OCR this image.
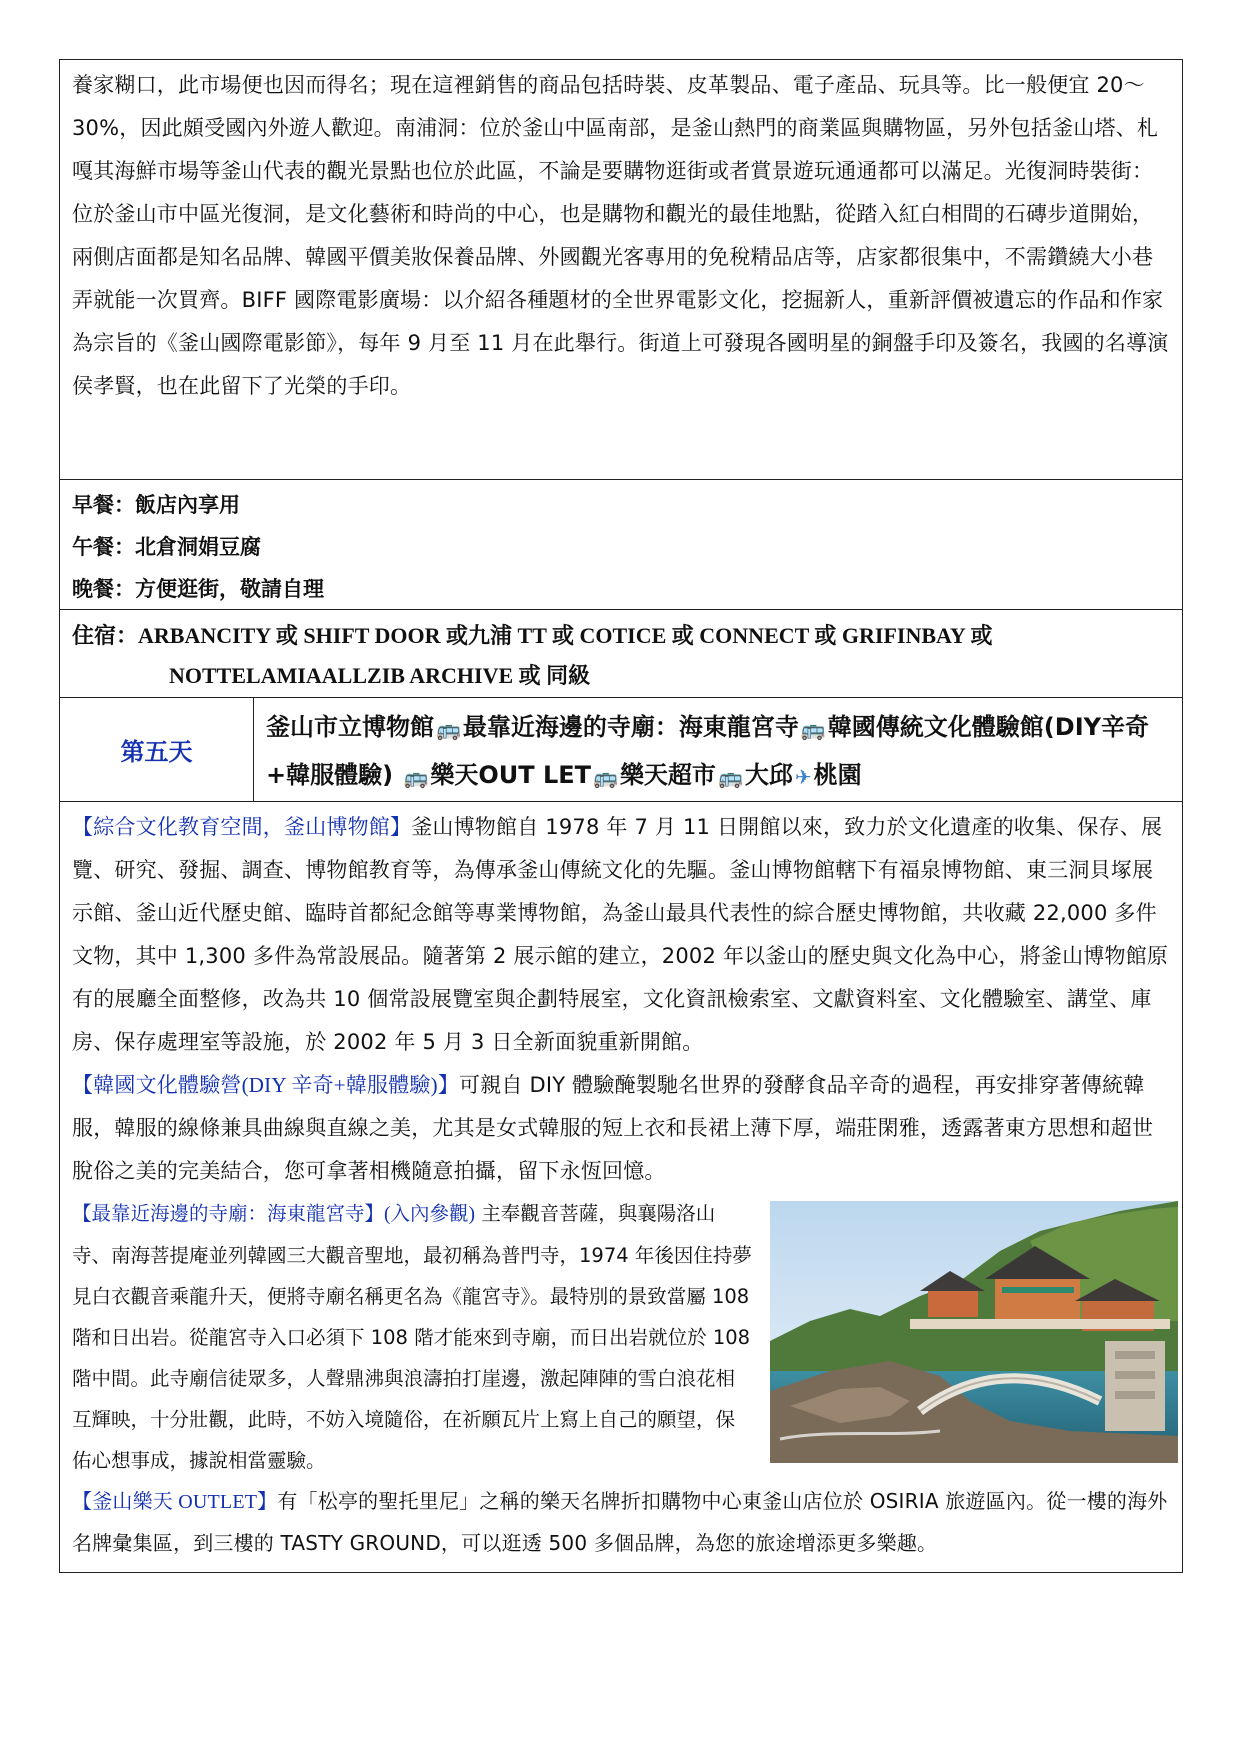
養家糊口，此市場便也因而得名；現在這裡銷售的商品包括時裝、皮革製品、電子產品、玩具等。比一般便宜 20～30%，因此頗受國內外遊人歡迎。南浦洞：位於釜山中區南部，是釜山熱門的商業區與購物區，另外包括釜山塔、札嘎其海鮮市場等釜山代表的觀光景點也位於此區，不論是要購物逛街或者賞景遊玩通通都可以滿足。光復洞時裝街：位於釜山市中區光復洞，是文化藝術和時尚的中心，也是購物和觀光的最佳地點，從踏入紅白相間的石磚步道開始，兩側店面都是知名品牌、韓國平價美妝保養品牌、外國觀光客專用的免稅精品店等，店家都很集中，不需鑽繞大小巷弄就能一次買齊。BIFF 國際電影廣場：以介紹各種題材的全世界電影文化，挖掘新人，重新評價被遺忘的作品和作家為宗旨的《釜山國際電影節》，每年 9 月至 11 月在此舉行。街道上可發現各國明星的銅盤手印及簽名，我國的名導演侯孝賢，也在此留下了光榮的手印。

早餐：飯店內享用

午餐：北倉洞娟豆腐

晚餐：方便逛街，敬請自理

住宿：ARBANCITY 或 SHIFT DOOR 或九浦 TT 或 COTICE 或 CONNECT 或 GRIFINBAY 或

NOTTELAMIAALLZIB ARCHIVE 或 同級

第五天
釜山市立博物館 🚌最靠近海邊的寺廟：海東龍宮寺 🚌韓國傳統文化體驗館(DIY辛奇+韓服體驗) 🚌樂天OUT LET 🚌樂天超市 🚌大邱 ✈桃園

【綜合文化教育空間，釜山博物館】釜山博物館自 1978 年 7 月 11 日開館以來，致力於文化遺產的收集、保存、展覽、研究、發掘、調查、博物館教育等，為傳承釜山傳統文化的先驅。釜山博物館轄下有福泉博物館、東三洞貝塚展示館、釜山近代歷史館、臨時首都紀念館等專業博物館，為釜山最具代表性的綜合歷史博物館，共收藏 22,000 多件文物，其中 1,300 多件為常設展品。隨著第 2 展示館的建立，2002 年以釜山的歷史與文化為中心，將釜山博物館原有的展廳全面整修，改為共 10 個常設展覽室與企劃特展室，文化資訊檢索室、文獻資料室、文化體驗室、講堂、庫房、保存處理室等設施，於 2002 年 5 月 3 日全新面貌重新開館。

【韓國文化體驗營(DIY 辛奇+韓服體驗)】可親自 DIY 體驗醃製馳名世界的發酵食品辛奇的過程，再安排穿著傳統韓服，韓服的線條兼具曲線與直線之美，尤其是女式韓服的短上衣和長裙上薄下厚，端莊閑雅，透露著東方思想和超世脫俗之美的完美結合，您可拿著相機隨意拍攝，留下永恆回憶。

【最靠近海邊的寺廟：海東龍宮寺】(入內參觀) 主奉觀音菩薩，與襄陽洛山寺、南海菩提庵並列韓國三大觀音聖地，最初稱為普門寺，1974 年後因住持夢見白衣觀音乘龍升天，便將寺廟名稱更名為《龍宮寺》。最特別的景致當屬 108 階和日出岩。從龍宮寺入口必須下 108 階才能來到寺廟，而日出岩就位於 108 階中間。此寺廟信徒眾多，人聲鼎沸與浪濤拍打崖邊，激起陣陣的雪白浪花相互輝映，十分壯觀，此時，不妨入境隨俗，在祈願瓦片上寫上自己的願望，保佑心想事成，據說相當靈驗。

【釜山樂天 OUTLET】有「松亭的聖托里尼」之稱的樂天名牌折扣購物中心東釜山店位於 OSIRIA 旅遊區內。從一樓的海外名牌彙集區，到三樓的 TASTY GROUND，可以逛透 500 多個品牌，為您的旅途增添更多樂趣。
